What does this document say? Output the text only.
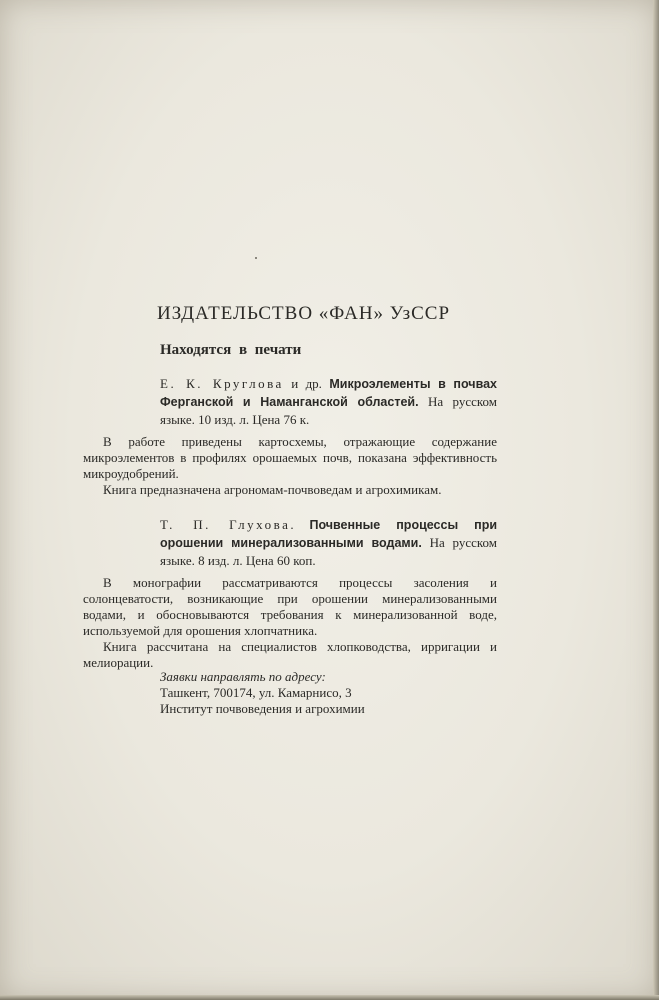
ИЗДАТЕЛЬСТВО «ФАН» УзССР
Находятся в печати
Е. К. Круглова и др. Микроэлементы в почвах Ферганской и Наманганской областей. На русском языке. 10 изд. л. Цена 76 к.

В работе приведены картосхемы, отражающие содержание микроэлементов в профилях орошаемых почв, показана эффективность микроудобрений.

Книга предназначена агрономам-почвоведам и агрохимикам.

Т. П. Глухова. Почвенные процессы при орошении минерализованными водами. На русском языке. 8 изд. л. Цена 60 коп.

В монографии рассматриваются процессы засоления и солонцеватости, возникающие при орошении минерализованными водами, и обосновываются требования к минерализованной воде, используемой для орошения хлопчатника.

Книга рассчитана на специалистов хлопководства, ирригации и мелиорации.

Заявки направлять по адресу:
Ташкент, 700174, ул. Камарнисо, 3
Институт почвоведения и агрохимии
